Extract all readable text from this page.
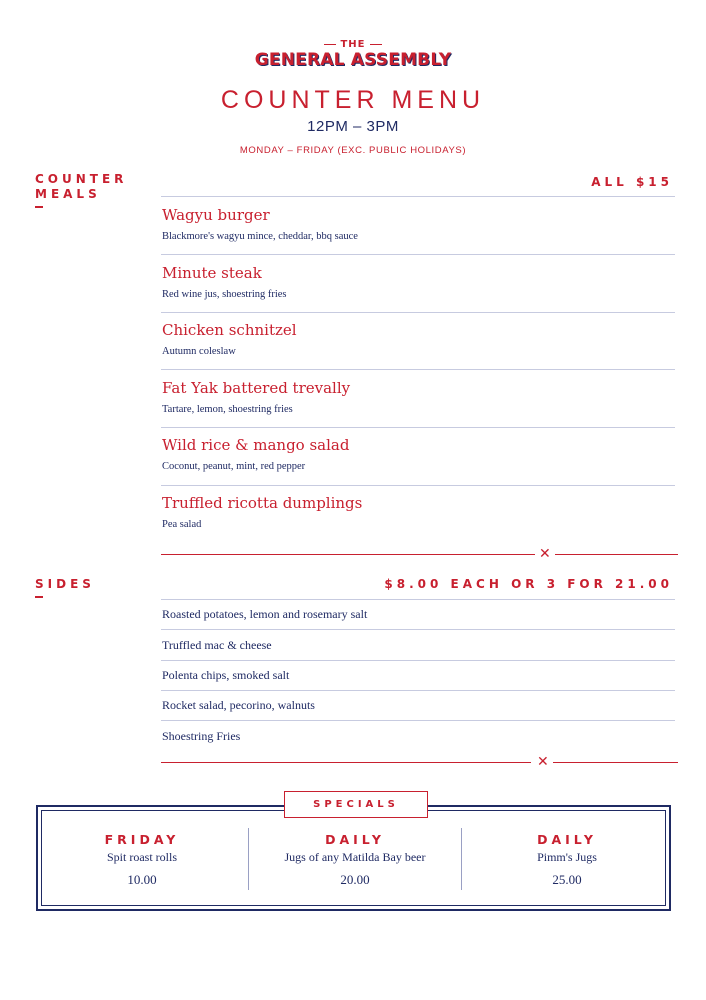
THE
GENERAL ASSEMBLY
COUNTER MENU
12PM – 3PM
MONDAY – FRIDAY (EXC. PUBLIC HOLIDAYS)
COUNTER
MEALS
ALL $15
Wagyu burger
Blackmore's wagyu mince, cheddar, bbq sauce
Minute steak
Red wine jus, shoestring fries
Chicken schnitzel
Autumn coleslaw
Fat Yak battered trevally
Tartare, lemon, shoestring fries
Wild rice & mango salad
Coconut, peanut, mint, red pepper
Truffled ricotta dumplings
Pea salad
✕
SIDES	$8.00 EACH OR 3 FOR 21.00
Roasted potatoes, lemon and rosemary salt
Truffled mac & cheese
Polenta chips, smoked salt
Rocket salad, pecorino, walnuts
Shoestring Fries
✕
SPECIALS
FRIDAY
Spit roast rolls
10.00
DAILY
Jugs of any Matilda Bay beer
20.00
DAILY
Pimm's Jugs
25.00
